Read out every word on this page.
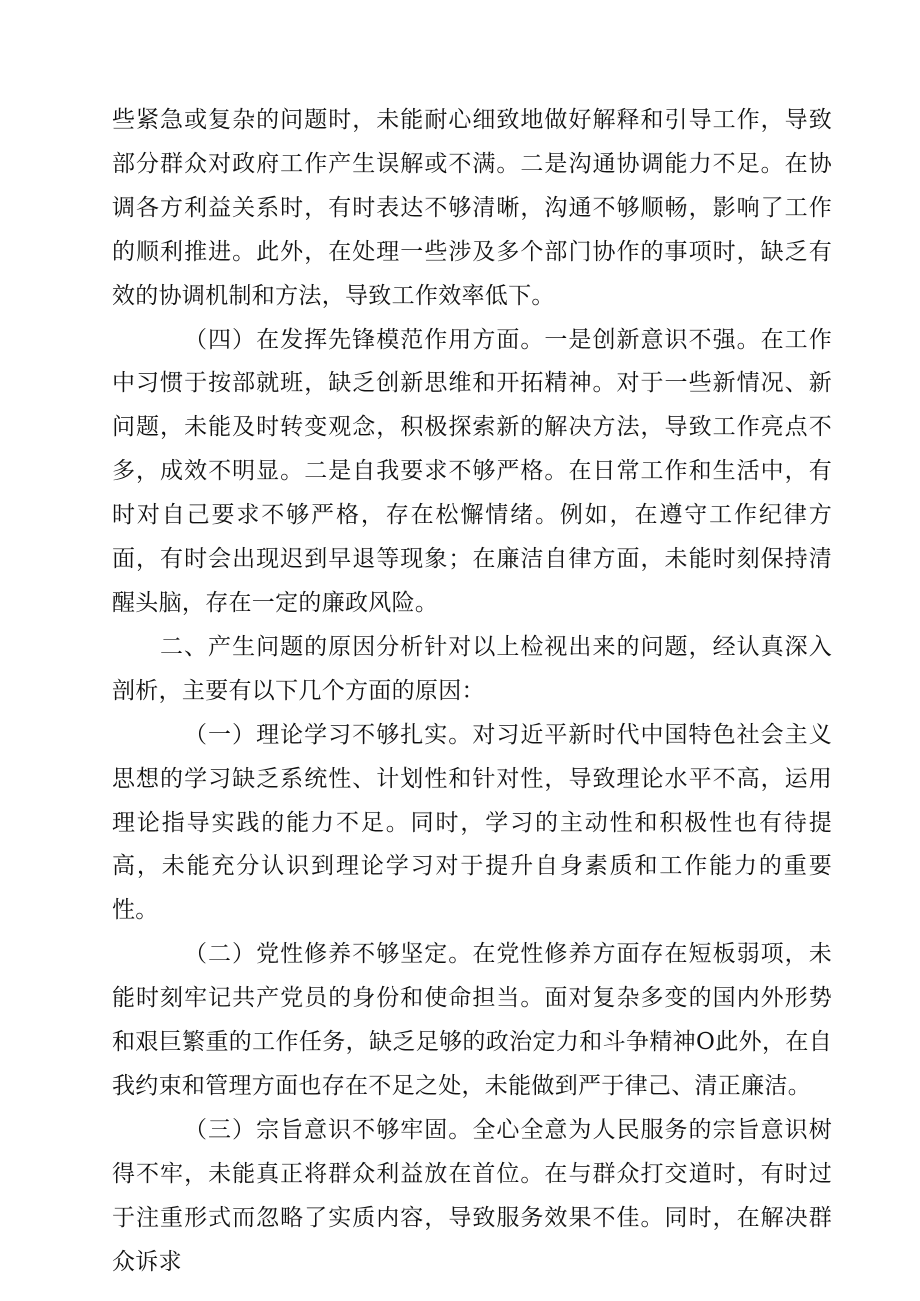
些紧急或复杂的问题时，未能耐心细致地做好解释和引导工作，导致部分群众对政府工作产生误解或不满。二是沟通协调能力不足。在协调各方利益关系时，有时表达不够清晰，沟通不够顺畅，影响了工作的顺利推进。此外，在处理一些涉及多个部门协作的事项时，缺乏有效的协调机制和方法，导致工作效率低下。

（四）在发挥先锋模范作用方面。一是创新意识不强。在工作中习惯于按部就班，缺乏创新思维和开拓精神。对于一些新情况、新问题，未能及时转变观念，积极探索新的解决方法，导致工作亮点不多，成效不明显。二是自我要求不够严格。在日常工作和生活中，有时对自己要求不够严格，存在松懈情绪。例如，在遵守工作纪律方面，有时会出现迟到早退等现象；在廉洁自律方面，未能时刻保持清醒头脑，存在一定的廉政风险。

二、产生问题的原因分析针对以上检视出来的问题，经认真深入剖析，主要有以下几个方面的原因：

（一）理论学习不够扎实。对习近平新时代中国特色社会主义思想的学习缺乏系统性、计划性和针对性，导致理论水平不高，运用理论指导实践的能力不足。同时，学习的主动性和积极性也有待提高，未能充分认识到理论学习对于提升自身素质和工作能力的重要性。

（二）党性修养不够坚定。在党性修养方面存在短板弱项，未能时刻牢记共产党员的身份和使命担当。面对复杂多变的国内外形势和艰巨繁重的工作任务，缺乏足够的政治定力和斗争精神O此外，在自我约束和管理方面也存在不足之处，未能做到严于律己、清正廉洁。

（三）宗旨意识不够牢固。全心全意为人民服务的宗旨意识树得不牢，未能真正将群众利益放在首位。在与群众打交道时，有时过于注重形式而忽略了实质内容，导致服务效果不佳。同时，在解决群众诉求
